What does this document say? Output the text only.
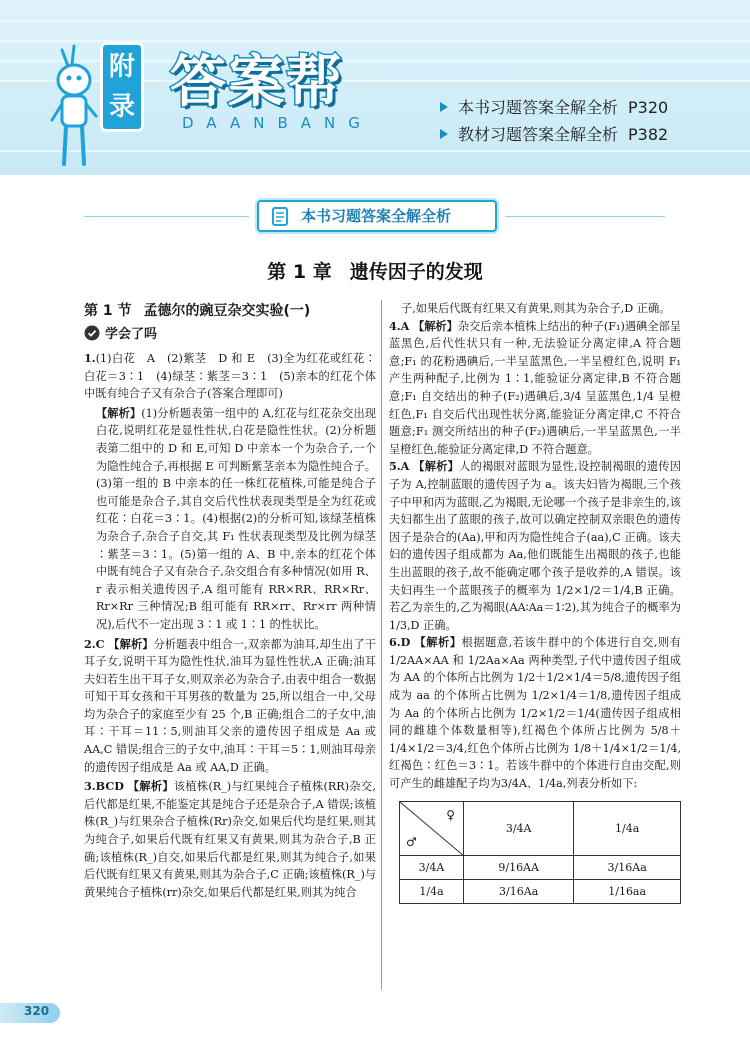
附录 答案帮
DAANBANG
本书习题答案全解全析 P320
教材习题答案全解全析 P382
本书习题答案全解全析
第 1 章 遗传因子的发现
第 1 节 孟德尔的豌豆杂交实验(一)
学会了吗
1.(1)白花　A　(2)紫茎　D 和 E　(3)全为红花或红花∶白花＝3∶1　(4)绿茎∶紫茎＝3∶1　(5)亲本的红花个体中既有纯合子又有杂合子(答案合理即可)
【解析】(1)分析题表第一组中的 A,红花与红花杂交出现白花,说明红花是显性性状,白花是隐性性状。(2)分析题表第二组中的 D 和 E,可知 D 中亲本一个为杂合子,一个为隐性纯合子,再根据 E 可判断紫茎亲本为隐性纯合子。(3)第一组的 B 中亲本的任一株红花植株,可能是纯合子也可能是杂合子,其自交后代性状表现类型是全为红花或红花∶白花＝3∶1。(4)根据(2)的分析可知,该绿茎植株为杂合子,杂合子自交,其 F₁ 性状表现类型及比例为绿茎∶紫茎＝3∶1。(5)第一组的 A、B 中,亲本的红花个体中既有纯合子又有杂合子,杂交组合有多种情况(如用 R、r 表示相关遗传因子,A 组可能有 RR×RR、RR×Rr、Rr×Rr 三种情况;B 组可能有 RR×rr、Rr×rr 两种情况),后代不一定出现 3∶1 或 1∶1 的性状比。
2.C 【解析】分析题表中组合一,双亲都为油耳,却生出了干耳子女,说明干耳为隐性性状,油耳为显性性状,A 正确;油耳夫妇若生出干耳子女,则双亲必为杂合子,由表中组合一数据可知干耳女孩和干耳男孩的数量为 25,所以组合一中,父母均为杂合子的家庭至少有 25 个,B 正确;组合二的子女中,油耳∶干耳＝11∶5,则油耳父亲的遗传因子组成是 Aa 或 AA,C 错误;组合三的子女中,油耳∶干耳＝5∶1,则油耳母亲的遗传因子组成是 Aa 或 AA,D 正确。
3.BCD 【解析】该植株(R_)与红果纯合子植株(RR)杂交,后代都是红果,不能鉴定其是纯合子还是杂合子,A 错误;该植株(R_)与红果杂合子植株(Rr)杂交,如果后代均是红果,则其为纯合子,如果后代既有红果又有黄果,则其为杂合子,B 正确;该植株(R_)自交,如果后代都是红果,则其为纯合子,如果后代既有红果又有黄果,则其为杂合子,C 正确;该植株(R_)与黄果纯合子植株(rr)杂交,如果后代都是红果,则其为纯合
子,如果后代既有红果又有黄果,则其为杂合子,D 正确。
4.A 【解析】杂交后亲本植株上结出的种子(F₁)遇碘全部呈蓝黑色,后代性状只有一种,无法验证分离定律,A 符合题意;F₁ 的花粉遇碘后,一半呈蓝黑色,一半呈橙红色,说明 F₁ 产生两种配子,比例为 1∶1,能验证分离定律,B 不符合题意;F₁ 自交结出的种子(F₂)遇碘后,3/4 呈蓝黑色,1/4 呈橙红色,F₁ 自交后代出现性状分离,能验证分离定律,C 不符合题意;F₁ 测交所结出的种子(F₂)遇碘后,一半呈蓝黑色,一半呈橙红色,能验证分离定律,D 不符合题意。
5.A 【解析】人的褐眼对蓝眼为显性,设控制褐眼的遗传因子为 A,控制蓝眼的遗传因子为 a。该夫妇皆为褐眼,三个孩子中甲和丙为蓝眼,乙为褐眼,无论哪一个孩子是非亲生的,该夫妇都生出了蓝眼的孩子,故可以确定控制双亲眼色的遗传因子是杂合的(Aa),甲和丙为隐性纯合子(aa),C 正确。该夫妇的遗传因子组成都为 Aa,他们既能生出褐眼的孩子,也能生出蓝眼的孩子,故不能确定哪个孩子是收养的,A 错误。该夫妇再生一个蓝眼孩子的概率为 1/2×1/2＝1/4,B 正确。若乙为亲生的,乙为褐眼(AA∶Aa＝1∶2),其为纯合子的概率为 1/3,D 正确。
6.D 【解析】根据题意,若该牛群中的个体进行自交,则有 1/2AA×AA 和 1/2Aa×Aa 两种类型,子代中遗传因子组成为 AA 的个体所占比例为 1/2＋1/2×1/4＝5/8,遗传因子组成为 aa 的个体所占比例为 1/2×1/4＝1/8,遗传因子组成为 Aa 的个体所占比例为 1/2×1/2＝1/4(遗传因子组成相同的雌雄个体数量相等),红褐色个体所占比例为 5/8＋1/4×1/2＝3/4,红色个体所占比例为 1/8＋1/4×1/2＝1/4,红褐色∶红色＝3∶1。若该牛群中的个体进行自由交配,则可产生的雌雄配子均为3/4A、1/4a,列表分析如下:
♀
♂	3/4A	1/4a
3/4A	9/16AA	3/16Aa
1/4a	3/16Aa	1/16aa
320
